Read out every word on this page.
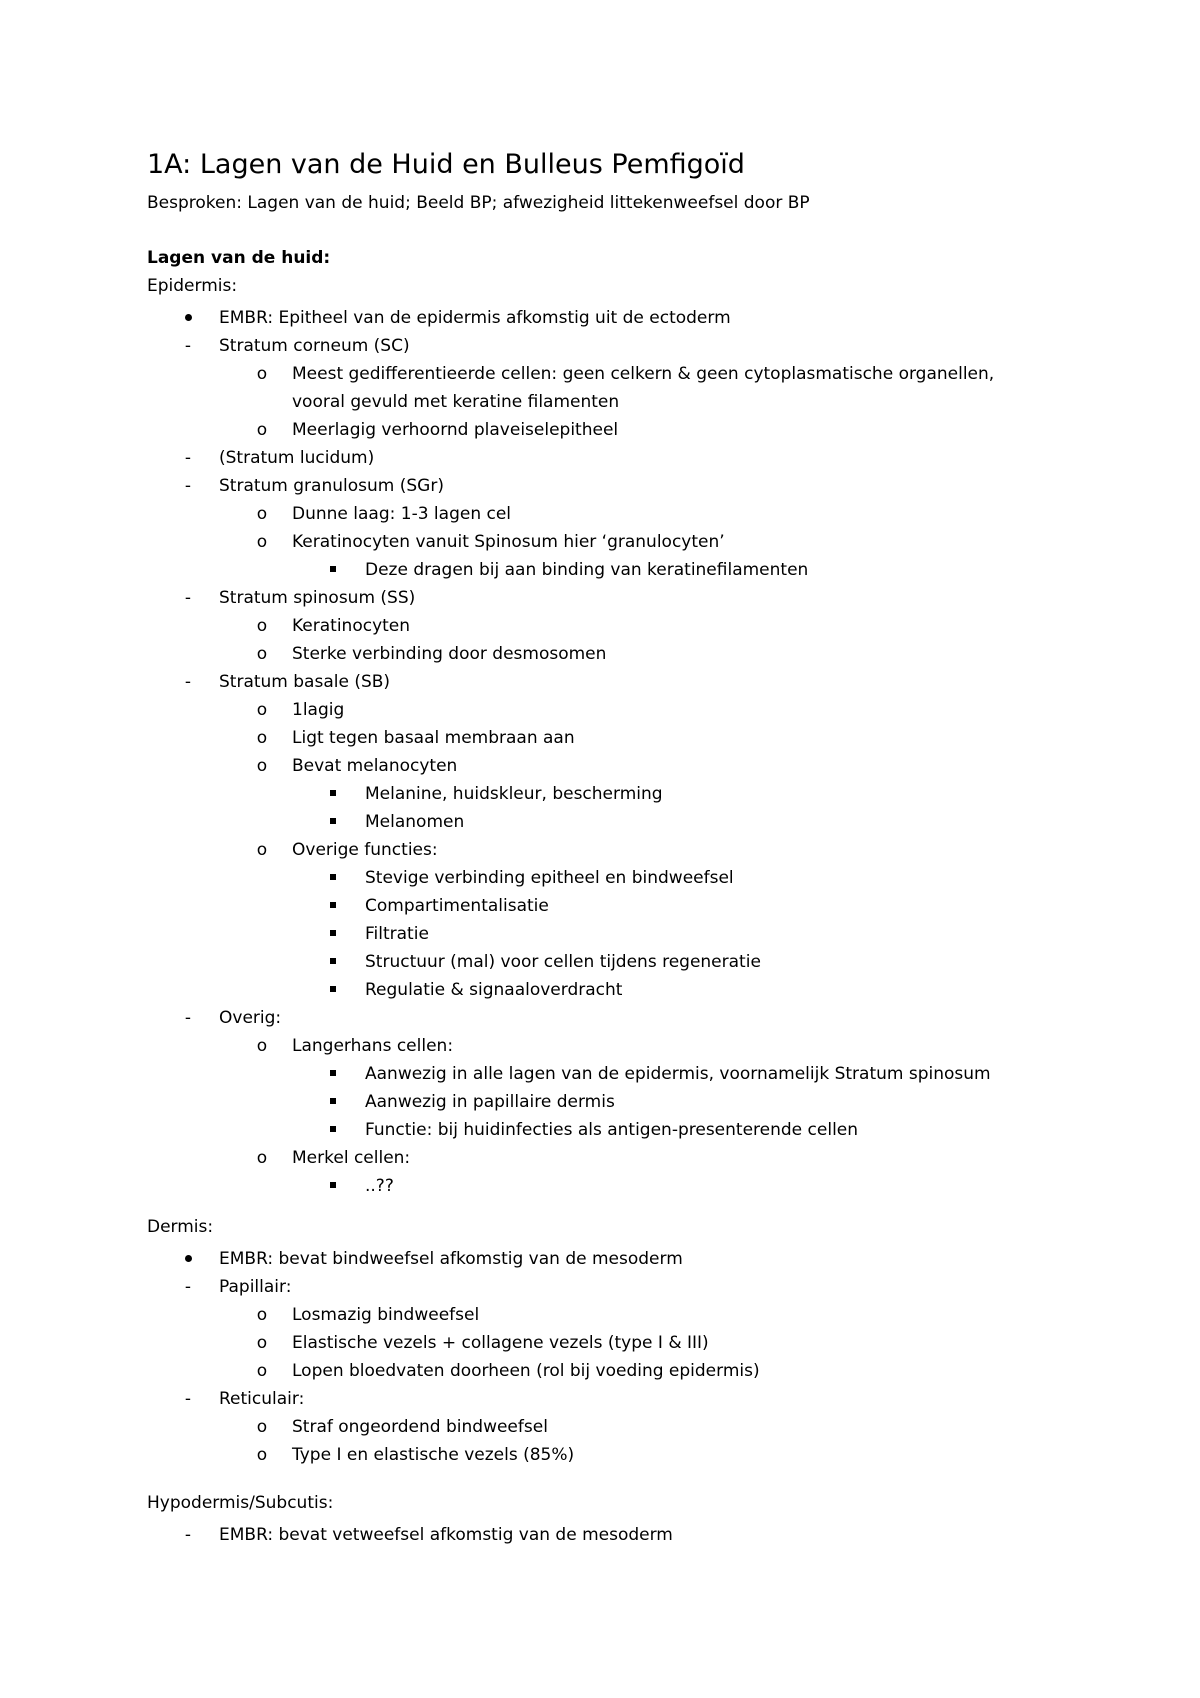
1A: Lagen van de Huid en Bulleus Pemfigoïd
Besproken: Lagen van de huid; Beeld BP; afwezigheid littekenweefsel door BP
Lagen van de huid:
Epidermis:
EMBR: Epitheel van de epidermis afkomstig uit de ectoderm
-	Stratum corneum (SC)
o Meest gedifferentieerde cellen: geen celkern & geen cytoplasmatische organellen, vooral gevuld met keratine filamenten
o Meerlagig verhoornd plaveiselepitheel
-	(Stratum lucidum)
-	Stratum granulosum (SGr)
o Dunne laag: 1-3 lagen cel
o Keratinocyten vanuit Spinosum hier ‘granulocyten’
Deze dragen bij aan binding van keratinefilamenten
-	Stratum spinosum (SS)
o Keratinocyten
o Sterke verbinding door desmosomen
-	Stratum basale (SB)
o 1lagig
o Ligt tegen basaal membraan aan
o Bevat melanocyten
Melanine, huidskleur, bescherming
Melanomen
o Overige functies:
Stevige verbinding epitheel en bindweefsel
Compartimentalisatie
Filtratie
Structuur (mal) voor cellen tijdens regeneratie
Regulatie & signaaloverdracht
-	Overig:
o Langerhans cellen:
Aanwezig in alle lagen van de epidermis, voornamelijk Stratum spinosum
Aanwezig in papillaire dermis
Functie: bij huidinfecties als antigen-presenterende cellen
o Merkel cellen:
..??
Dermis:
EMBR: bevat bindweefsel afkomstig van de mesoderm
-	Papillair:
o Losmazig bindweefsel
o Elastische vezels + collagene vezels (type I & III)
o Lopen bloedvaten doorheen (rol bij voeding epidermis)
-	Reticulair:
o Straf ongeordend bindweefsel
o Type I en elastische vezels (85%)
Hypodermis/Subcutis:
-	EMBR: bevat vetweefsel afkomstig van de mesoderm
